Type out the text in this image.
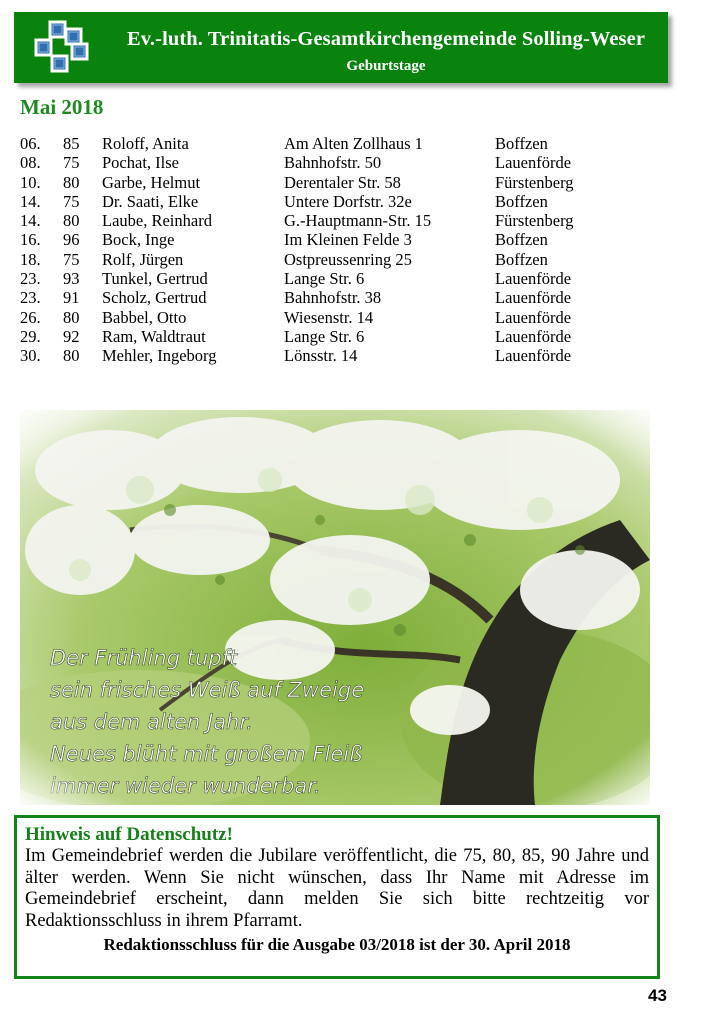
Ev.-luth. Trinitatis-Gesamtkirchengemeinde Solling-Weser
Geburtstage
Mai 2018
06.	85	Roloff, Anita	Am Alten Zollhaus 1	Boffzen
08.	75	Pochat, Ilse	Bahnhofstr. 50	Lauenförde
10.	80	Garbe, Helmut	Derentaler Str. 58	Fürstenberg
14.	75	Dr. Saati, Elke	Untere Dorfstr. 32e	Boffzen
14.	80	Laube, Reinhard	G.-Hauptmann-Str. 15	Fürstenberg
16.	96	Bock, Inge	Im Kleinen Felde 3	Boffzen
18.	75	Rolf, Jürgen	Ostpreussenring 25	Boffzen
23.	93	Tunkel, Gertrud	Lange Str. 6	Lauenförde
23.	91	Scholz, Gertrud	Bahnhofstr. 38	Lauenförde
26.	80	Babbel, Otto	Wiesenstr. 14	Lauenförde
29.	92	Ram, Waldtraut	Lange Str. 6	Lauenförde
30.	80	Mehler, Ingeborg	Lönsstr. 14	Lauenförde
Hinweis auf Datenschutz!
Im Gemeindebrief werden die Jubilare veröffentlicht, die 75, 80, 85, 90 Jahre und älter werden. Wenn Sie nicht wünschen, dass Ihr Name mit Adresse im Gemeindebrief erscheint, dann melden Sie sich bitte rechtzeitig vor Redaktionsschluss in ihrem Pfarramt.
Redaktionsschluss für die Ausgabe 03/2018 ist der 30. April 2018
43
